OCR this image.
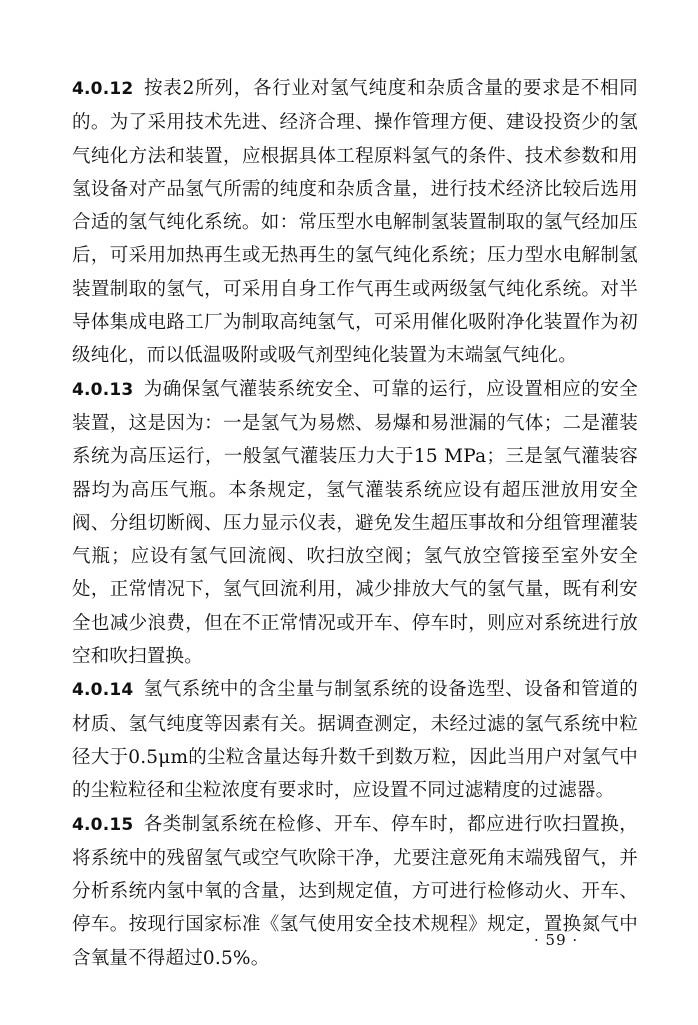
4.0.12 按表2所列，各行业对氢气纯度和杂质含量的要求是不相同的。为了采用技术先进、经济合理、操作管理方便、建设投资少的氢气纯化方法和装置，应根据具体工程原料氢气的条件、技术参数和用氢设备对产品氢气所需的纯度和杂质含量，进行技术经济比较后选用合适的氢气纯化系统。如：常压型水电解制氢装置制取的氢气经加压后，可采用加热再生或无热再生的氢气纯化系统；压力型水电解制氢装置制取的氢气，可采用自身工作气再生或两级氢气纯化系统。对半导体集成电路工厂为制取高纯氢气，可采用催化吸附净化装置作为初级纯化，而以低温吸附或吸气剂型纯化装置为末端氢气纯化。

4.0.13 为确保氢气灌装系统安全、可靠的运行，应设置相应的安全装置，这是因为：一是氢气为易燃、易爆和易泄漏的气体；二是灌装系统为高压运行，一般氢气灌装压力大于15 MPa；三是氢气灌装容器均为高压气瓶。本条规定，氢气灌装系统应设有超压泄放用安全阀、分组切断阀、压力显示仪表，避免发生超压事故和分组管理灌装气瓶；应设有氢气回流阀、吹扫放空阀；氢气放空管接至室外安全处，正常情况下，氢气回流利用，减少排放大气的氢气量，既有利安全也减少浪费，但在不正常情况或开车、停车时，则应对系统进行放空和吹扫置换。

4.0.14 氢气系统中的含尘量与制氢系统的设备选型、设备和管道的材质、氢气纯度等因素有关。据调查测定，未经过滤的氢气系统中粒径大于0.5μm的尘粒含量达每升数千到数万粒，因此当用户对氢气中的尘粒粒径和尘粒浓度有要求时，应设置不同过滤精度的过滤器。

4.0.15 各类制氢系统在检修、开车、停车时，都应进行吹扫置换，将系统中的残留氢气或空气吹除干净，尤要注意死角末端残留气，并分析系统内氢中氧的含量，达到规定值，方可进行检修动火、开车、停车。按现行国家标准《氢气使用安全技术规程》规定，置换氮气中含氧量不得超过0.5%。

· 59 ·
